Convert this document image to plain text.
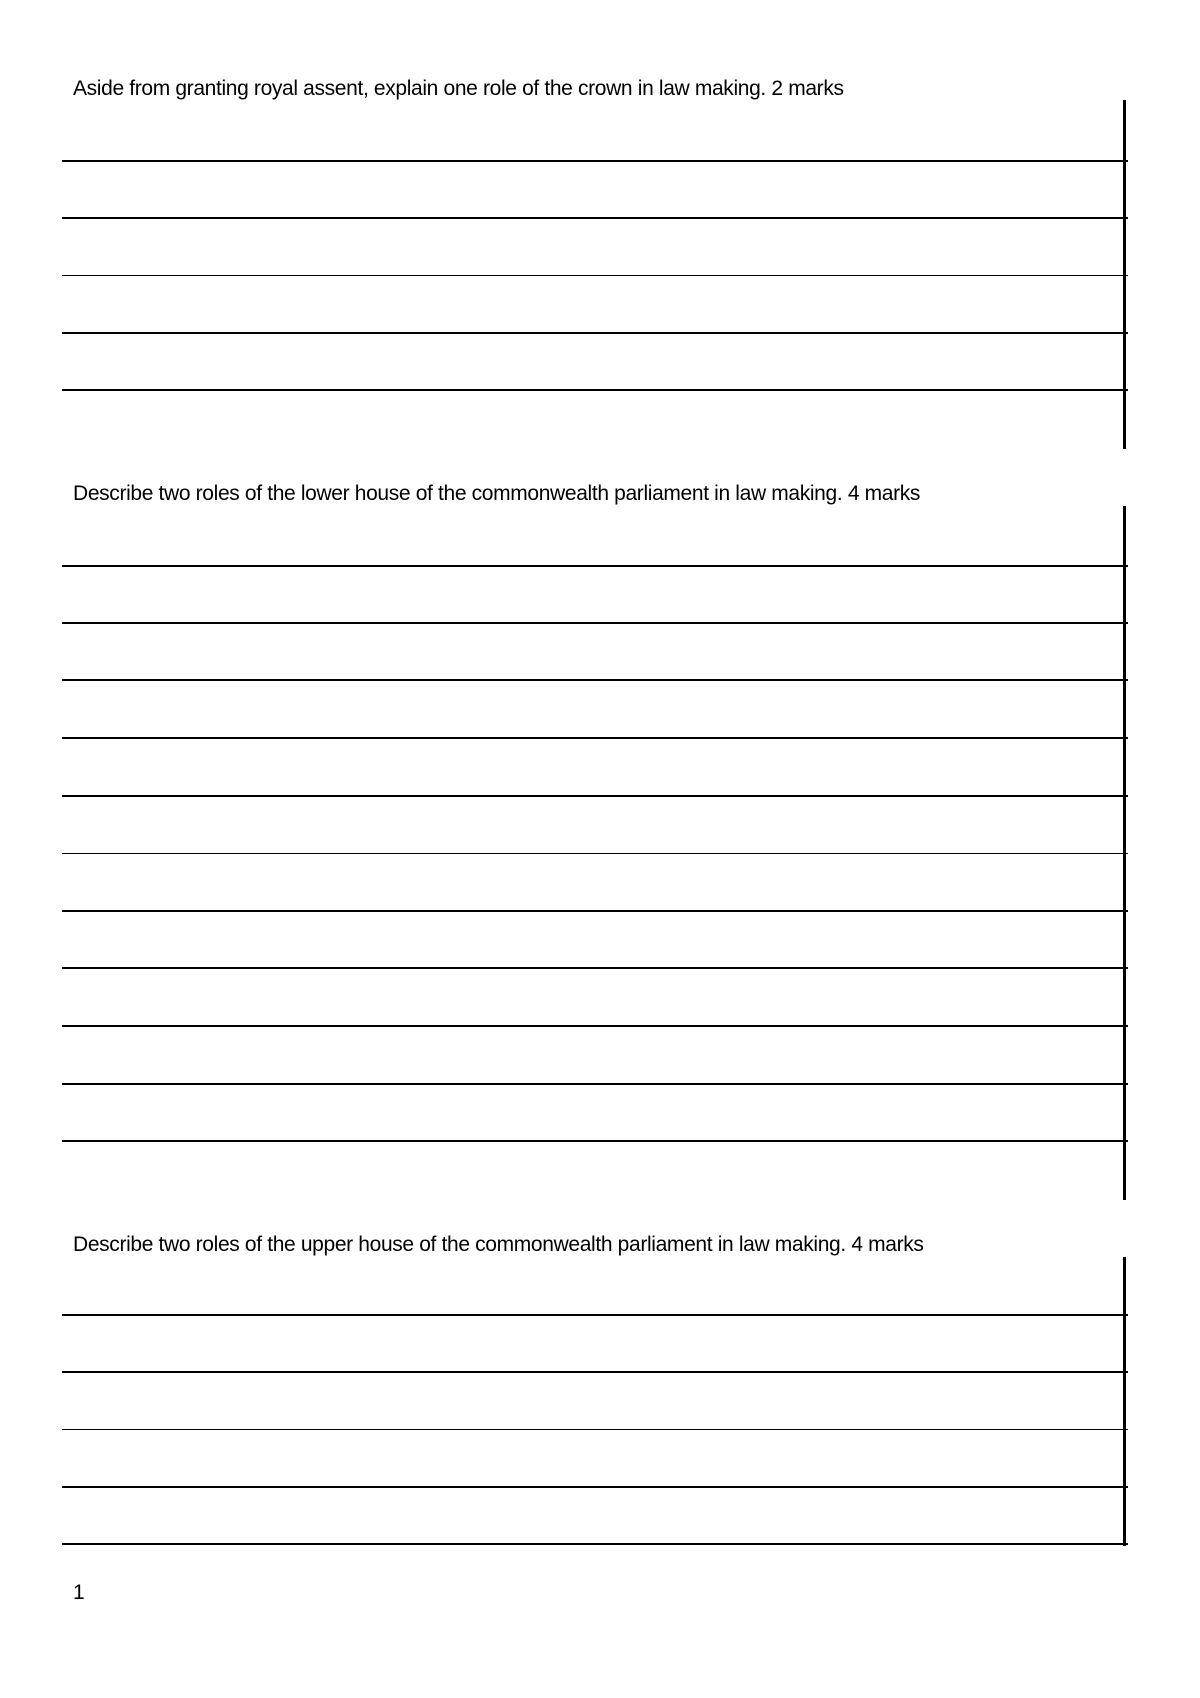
Aside from granting royal assent, explain one role of the crown in law making. 2 marks
Describe two roles of the lower house of the commonwealth parliament in law making. 4 marks
Describe two roles of the upper house of the commonwealth parliament in law making. 4 marks
1
